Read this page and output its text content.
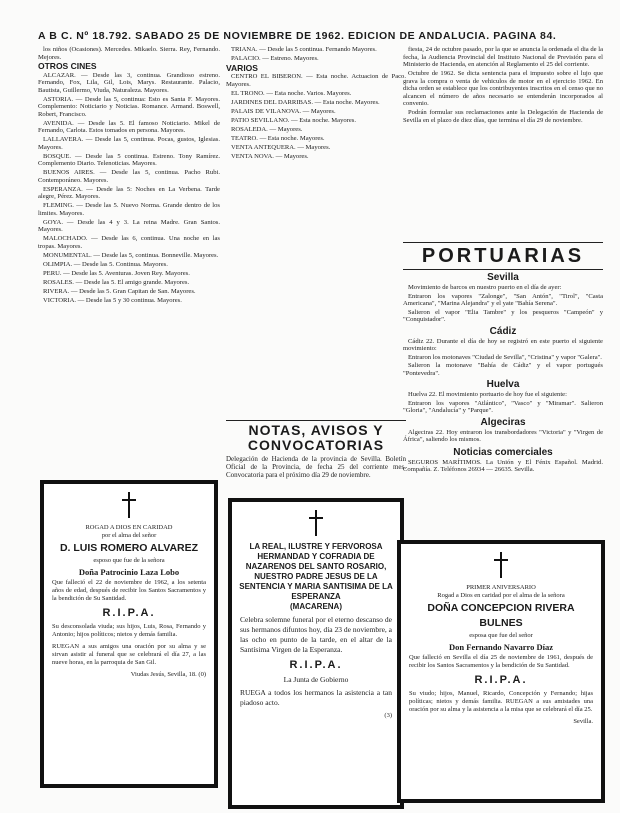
A B C. Nº 18.792. SABADO 25 DE NOVIEMBRE DE 1962. EDICION DE ANDALUCIA. PAGINA 84.

los niños (Ocasiones). Mercedes. Mikaelo. Sierra. Rey, Fernando. Mejores.

OTROS CINES

ALCAZAR. — Desde las 3, continua. Grandioso estreno. Fernando, Fox, Lila, Gil, Lois, Marys. Restaurante. Palacio, Bautista, Guillermo, Viuda, Naturaleza. Mayores.

ASTORIA. — Desde las 5, continua: Esto es Santa F. Mayores. Complemento: Noticiario y Noticias. Romance. Armand. Boswell, Robert, Francisco.

AVENIDA. — Desde las 5. El famoso Noticiario. Mikel de Fernando, Carlota. Estos tomados en persona. Mayores.

LALLAVERA. — Desde las 5, continua. Pocas, gustos, Iglesias. Mayores.

BOSQUE. — Desde las 5 continua. Estreno. Tony Ramírez. Complemento Diario. Telenoticias. Mayores.

BUENOS AIRES. — Desde las 5, continua. Pacho Rubi. Contemporáneo. Mayores.

ESPERANZA. — Desde las 5: Noches en La Verbena. Tarde alegre, Pérez. Mayores.

FLEMING. — Desde las 5. Nuevo Norma. Grande dentro de los limites. Mayores.

GOYA. — Desde las 4 y 3. La reina Madre. Gran Santos. Mayores.

MALOCHADO. — Desde las 6, continua. Una noche en las tropas. Mayores.

MONUMENTAL. — Desde las 5, continua. Bonneville. Mayores.

OLIMPIA. — Desde las 5. Continua. Mayores.

PERU. — Desde las 5. Aventuras. Joven Rey. Mayores.

ROSALES. — Desde las 5. El amigo grande. Mayores.

RIVERA. — Desde las 5. Gran Capitan de San. Mayores.

VICTORIA. — Desde las 5 y 30 continua. Mayores.

TRIANA. — Desde las 5 continua. Fernando Mayores.

PALACIO. — Estreno. Mayores.

VARIOS

CENTRO EL BIBERON. — Esta noche. Actuacion de Paco. Mayores.

EL TRONO. — Esta noche. Varios. Mayores.

JARDINES DEL DARRIBAS. — Esta noche. Mayores.

PALAIS DE VILANOVA. — Mayores.

PATIO SEVILLANO. — Esta noche. Mayores.

ROSALEDA. — Mayores.

TEATRO. — Esta noche. Mayores.

VENTA ANTEQUERA. — Mayores.

VENTA NOVA. — Mayores.

fiesta, 24 de octubre pasado, por la que se anuncia la ordenada el dia de la fecha, la Audiencia Provincial del Instituto Nacional de Previsión para el Ministerio de Hacienda, en atención al Reglamento el 25 del corriente.

Octubre de 1962. Se dicta sentencia para el impuesto sobre el lujo que grava la compra o venta de vehiculos de motor en el ejercicio 1962. En dicha orden se establece que los contribuyentes inscritos en el censo que no alcancen el número de años necesario se entenderán incorporados al convenio.

Podrán formular sus reclamaciones ante la Delegación de Hacienda de Sevilla en el plazo de diez días, que termina el día 29 de noviembre.

NOTAS, AVISOS Y
CONVOCATORIAS
Delegación de Hacienda de la provincia de Sevilla. Boletín Oficial de la Provincia, de fecha 25 del corriente mes. Convocatoria para el próximo día 29 de noviembre.
PORTUARIAS
Sevilla

Movimiento de barcos en nuestro puerto en el día de ayer:

Entraron los vapores "Zalonge", "San Antón", "Tirol", "Casta Americana", "Marina Alejandra" y el yate "Bahía Serena".

Salieron el vapor "Elia Tambre" y los pesqueros "Campeón" y "Conquistador".

Cádiz

Cádiz 22. Durante el día de hoy se registró en este puerto el siguiente movimiento:

Entraron los motonaves "Ciudad de Sevilla", "Cristina" y vapor "Galera".

Salieron la motonave "Bahía de Cádiz" y el vapor portugués "Pontevedra".

Huelva

Huelva 22. El movimiento portuario de hoy fue el siguiente:

Entraron los vapores "Atlántico", "Vasco" y "Miramar". Salieron "Gloria", "Andalucía" y "Parque".

Algeciras

Algeciras 22. Hoy entraron los transbordadores "Victoria" y "Virgen de África", saliendo los mismos.

Noticias comerciales

SEGUROS MARÍTIMOS. La Unión y El Fénix Español. Madrid. Compañía. Z. Teléfonos 26934 — 26635. Sevilla.

ROGAD A DIOS EN CARIDAD
por el alma del señor
D. LUIS ROMERO ALVAREZ
esposo que fue de la señora
Doña Patrocinio Laza Lobo
Que falleció el 22 de noviembre de 1962, a los setenta años de edad, después de recibir los Santos Sacramentos y la bendición de Su Santidad.
R.I.P.A.
Su desconsolada viuda; sus hijos, Luis, Rosa, Fernando y Antonio; hijos políticos; nietos y demás familia.
RUEGAN a sus amigos una oración por su alma y se sirvan asistir al funeral que se celebrará el día 27, a las nueve horas, en la parroquia de San Gil.
Viudas Jesús, Sevilla, 18. (0)
LA REAL, ILUSTRE Y FERVOROSA HERMANDAD Y COFRADIA DE NAZARENOS DEL SANTO ROSARIO, NUESTRO PADRE JESUS DE LA SENTENCIA Y MARIA SANTISIMA DE LA ESPERANZA
(MACARENA)
Celebra solemne funeral por el eterno descanso de sus hermanos difuntos hoy, día 23 de noviembre, a las ocho en punto de la tarde, en el altar de la Santísima Virgen de la Esperanza.
R.I.P.A.
La Junta de Gobierno
RUEGA a todos los hermanos la asistencia a tan piadoso acto.
(3)
PRIMER ANIVERSARIO
Rogad a Dios en caridad por el alma de la señora
DOÑA CONCEPCION RIVERA
BULNES
esposa que fue del señor
Don Fernando Navarro Díaz
Que falleció en Sevilla el día 25 de noviembre de 1961, después de recibir los Santos Sacramentos y la bendición de Su Santidad.
R.I.P.A.
Su viudo; hijos, Manuel, Ricardo, Concepción y Fernando; hijas políticas; nietos y demás familia. RUEGAN a sus amistades una oración por su alma y la asistencia a la misa que se celebrará el día 25.
Sevilla.
